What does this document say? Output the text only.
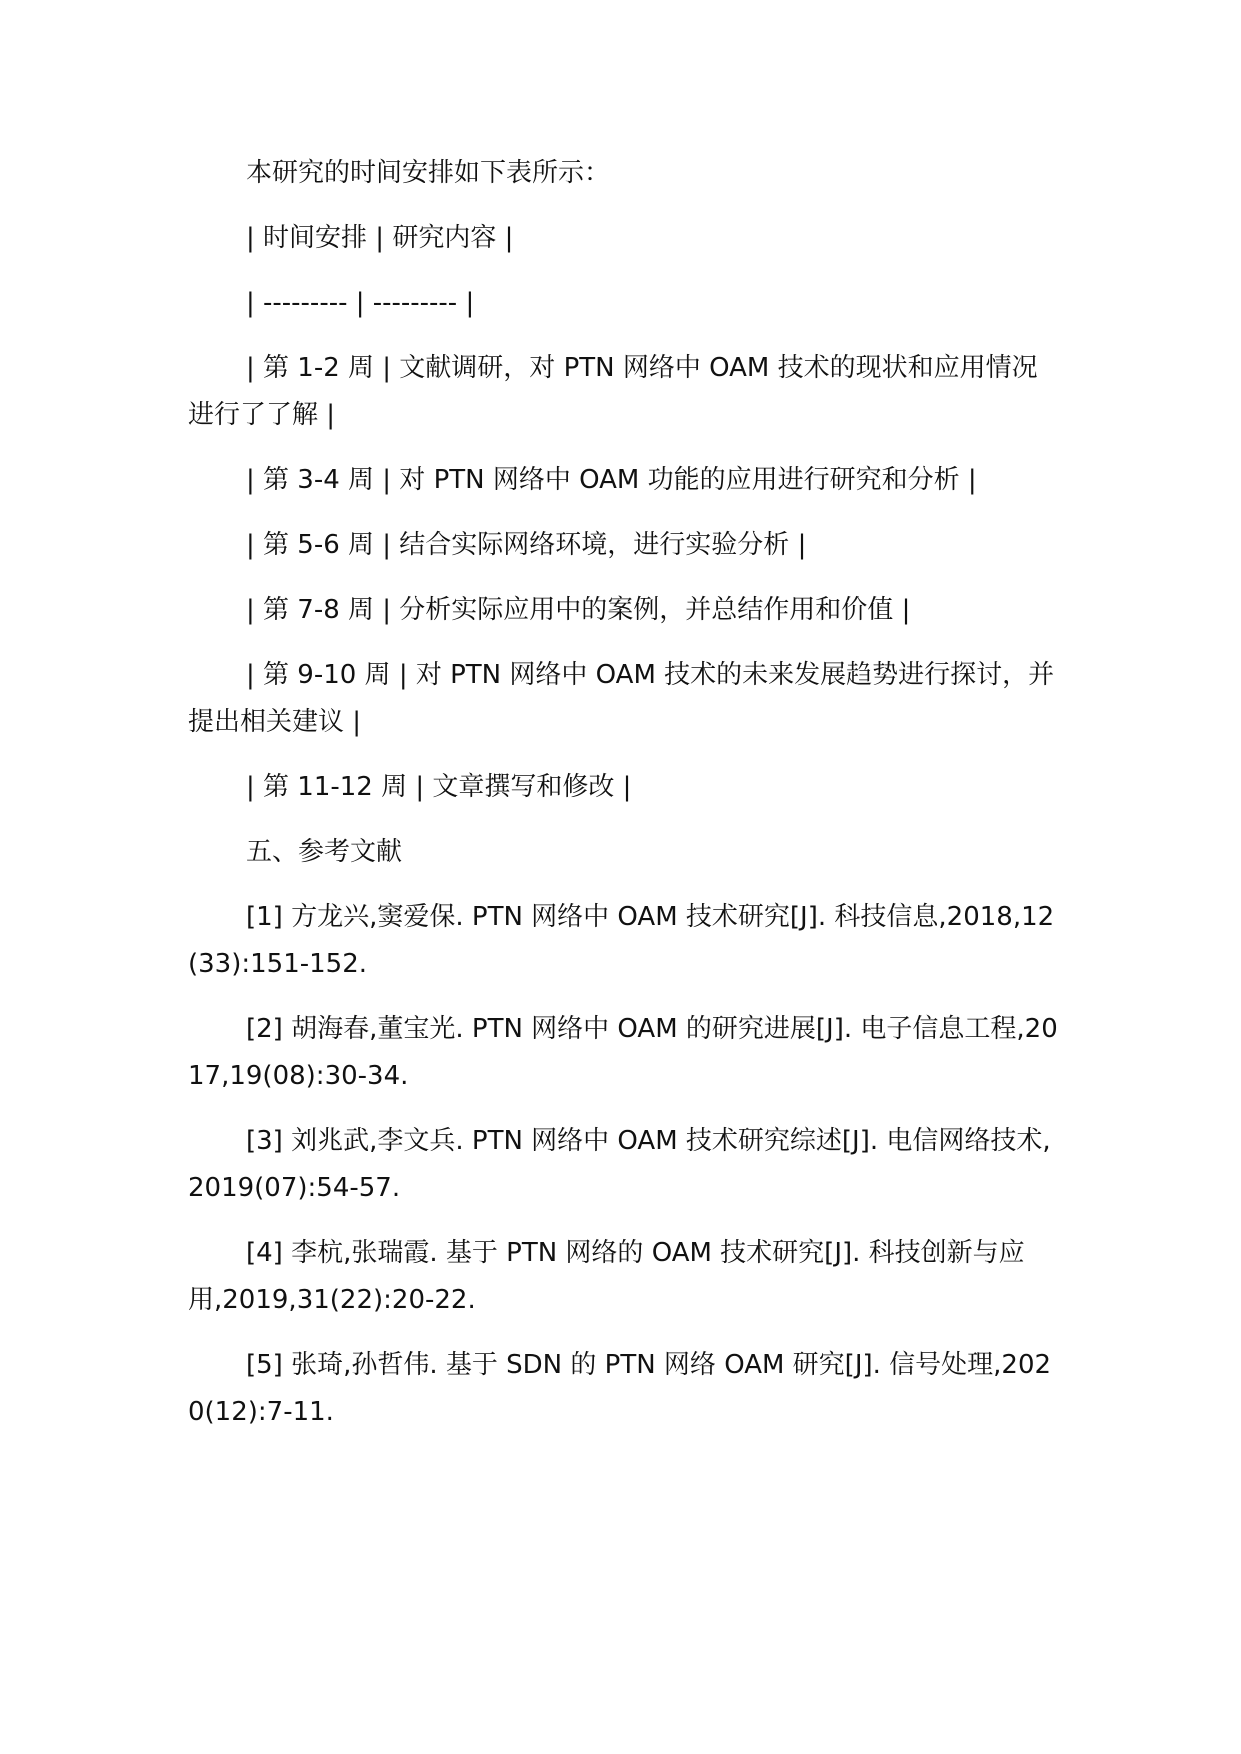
本研究的时间安排如下表所示：

| 时间安排 | 研究内容 |

| --------- | --------- |

| 第 1-2 周 | 文献调研，对 PTN 网络中 OAM 技术的现状和应用情况进行了了解 |

| 第 3-4 周 | 对 PTN 网络中 OAM 功能的应用进行研究和分析 |

| 第 5-6 周 | 结合实际网络环境，进行实验分析 |

| 第 7-8 周 | 分析实际应用中的案例，并总结作用和价值 |

| 第 9-10 周 | 对 PTN 网络中 OAM 技术的未来发展趋势进行探讨，并提出相关建议 |

| 第 11-12 周 | 文章撰写和修改 |

五、参考文献

[1] 方龙兴,窦爱保. PTN 网络中 OAM 技术研究[J]. 科技信息,2018,12(33):151-152.

[2] 胡海春,董宝光. PTN 网络中 OAM 的研究进展[J]. 电子信息工程,2017,19(08):30-34.

[3] 刘兆武,李文兵. PTN 网络中 OAM 技术研究综述[J]. 电信网络技术,2019(07):54-57.

[4] 李杭,张瑞霞. 基于 PTN 网络的 OAM 技术研究[J]. 科技创新与应用,2019,31(22):20-22.

[5] 张琦,孙哲伟. 基于 SDN 的 PTN 网络 OAM 研究[J]. 信号处理,2020(12):7-11.
